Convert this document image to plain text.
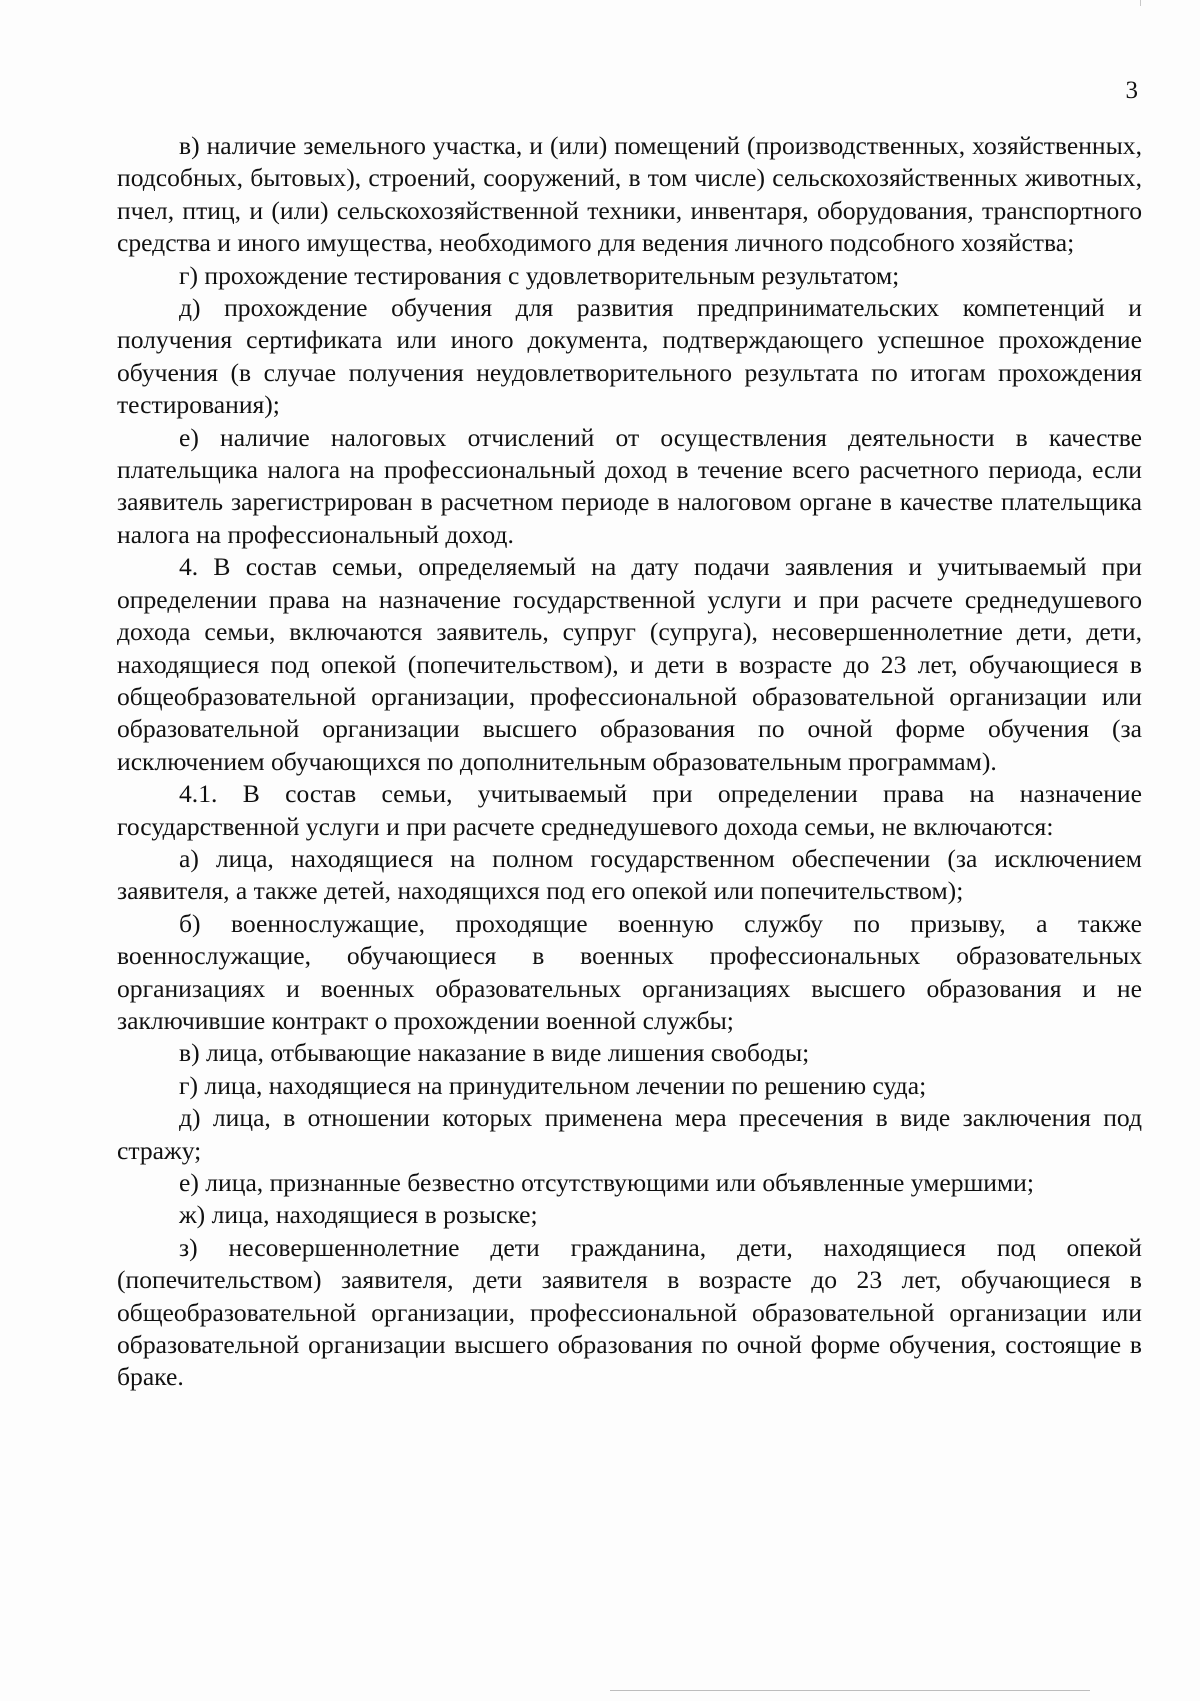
3

в) наличие земельного участка, и (или) помещений (производственных, хозяйственных, подсобных, бытовых), строений, сооружений, в том числе) сельскохозяйственных животных, пчел, птиц, и (или) сельскохозяйственной техники, инвентаря, оборудования, транспортного средства и иного имущества, необходимого для ведения личного подсобного хозяйства;

г) прохождение тестирования с удовлетворительным результатом;

д) прохождение обучения для развития предпринимательских компетенций и получения сертификата или иного документа, подтверждающего успешное прохождение обучения (в случае получения неудовлетворительного результата по итогам прохождения тестирования);

е) наличие налоговых отчислений от осуществления деятельности в качестве плательщика налога на профессиональный доход в течение всего расчетного периода, если заявитель зарегистрирован в расчетном периоде в налоговом органе в качестве плательщика налога на профессиональный доход.

4. В состав семьи, определяемый на дату подачи заявления и учитываемый при определении права на назначение государственной услуги и при расчете среднедушевого дохода семьи, включаются заявитель, супруг (супруга), несовершеннолетние дети, дети, находящиеся под опекой (попечительством), и дети в возрасте до 23 лет, обучающиеся в общеобразовательной организации, профессиональной образовательной организации или образовательной организации высшего образования по очной форме обучения (за исключением обучающихся по дополнительным образовательным программам).

4.1. В состав семьи, учитываемый при определении права на назначение государственной услуги и при расчете среднедушевого дохода семьи, не включаются:

а) лица, находящиеся на полном государственном обеспечении (за исключением заявителя, а также детей, находящихся под его опекой или попечительством);

б) военнослужащие, проходящие военную службу по призыву, а также военнослужащие, обучающиеся в военных профессиональных образовательных организациях и военных образовательных организациях высшего образования и не заключившие контракт о прохождении военной службы;

в) лица, отбывающие наказание в виде лишения свободы;

г) лица, находящиеся на принудительном лечении по решению суда;

д) лица, в отношении которых применена мера пресечения в виде заключения под стражу;

е) лица, признанные безвестно отсутствующими или объявленные умершими;

ж) лица, находящиеся в розыске;

з) несовершеннолетние дети гражданина, дети, находящиеся под опекой (попечительством) заявителя, дети заявителя в возрасте до 23 лет, обучающиеся в общеобразовательной организации, профессиональной образовательной организации или образовательной организации высшего образования по очной форме обучения, состоящие в браке.
